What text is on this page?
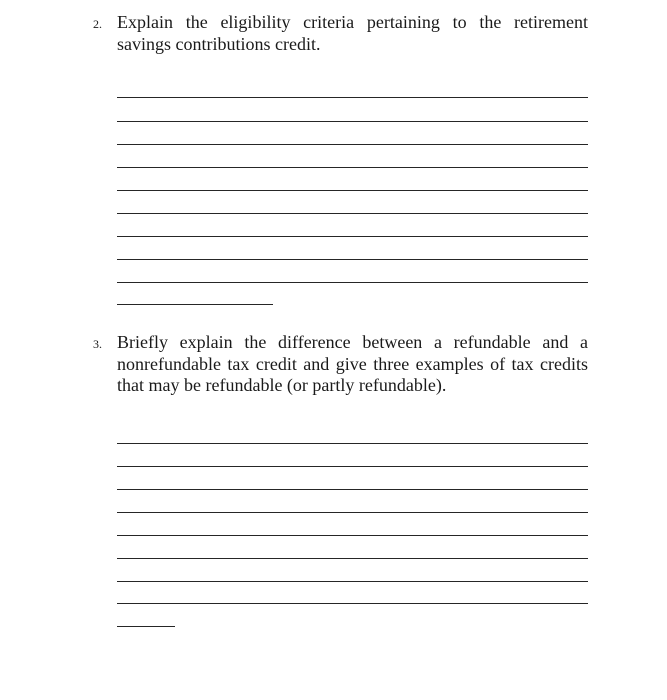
2. Explain the eligibility criteria pertaining to the retirement savings contributions credit.
3. Briefly explain the difference between a refundable and a nonrefundable tax credit and give three examples of tax credits that may be refundable (or partly refundable).
